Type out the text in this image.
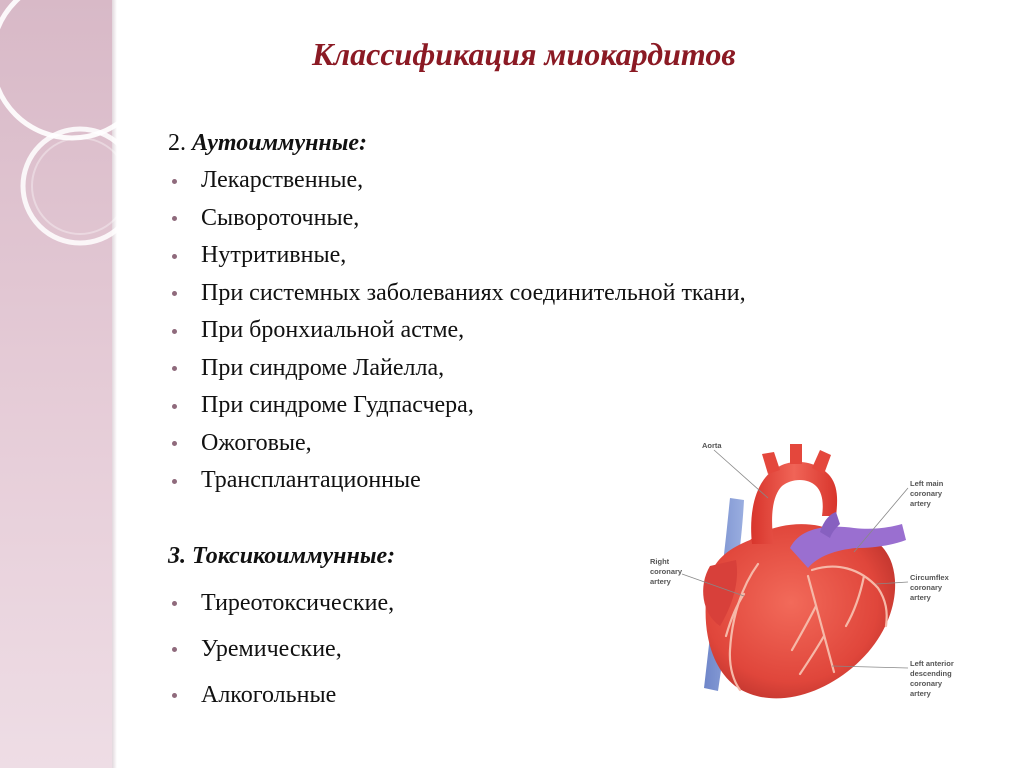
Классификация миокардитов
2. Аутоиммунные:
Лекарственные,
Сывороточные,
Нутритивные,
При системных заболеваниях соединительной ткани,
При бронхиальной астме,
При синдроме Лайелла,
При синдроме Гудпасчера,
Ожоговые,
Трансплантационные
3. Токсикоиммунные:
Тиреотоксические,
Уремические,
Алкогольные
Aorta
Left main
coronary
artery
Right
coronary
artery	Circumflex
coronary
artery
Left anterior
descending
coronary
artery
